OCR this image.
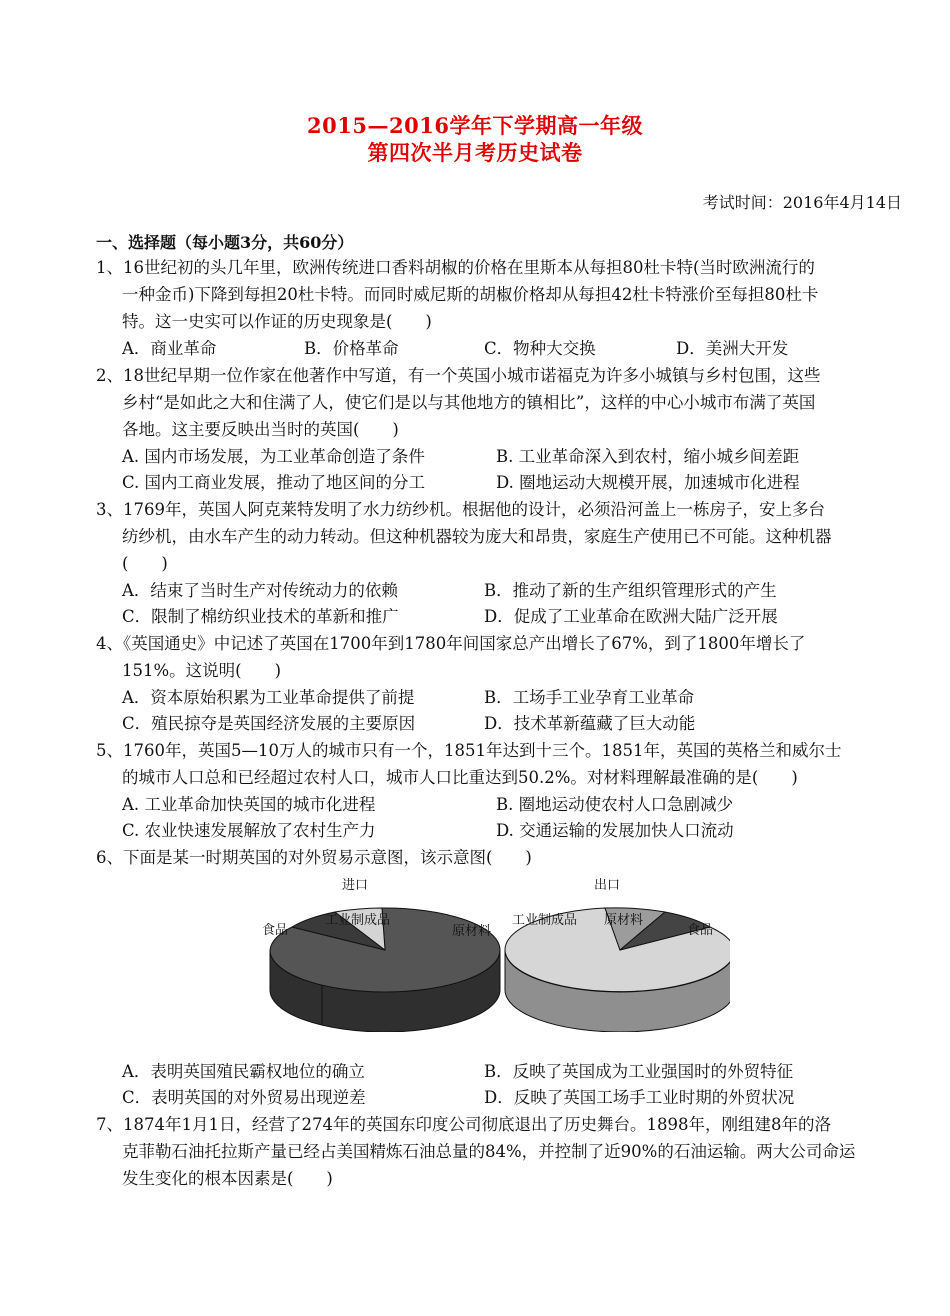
2015—2016学年下学期高一年级
第四次半月考历史试卷
考试时间：2016年4月14日
一、选择题（每小题3分，共60分）
1、16世纪初的头几年里，欧洲传统进口香料胡椒的价格在里斯本从每担80杜卡特(当时欧洲流行的
一种金币)下降到每担20杜卡特。而同时威尼斯的胡椒价格却从每担42杜卡特涨价至每担80杜卡
特。这一史实可以作证的历史现象是(　　)
A．商业革命	B．价格革命	C．物种大交换	D．美洲大开发
2、18世纪早期一位作家在他著作中写道，有一个英国小城市诺福克为许多小城镇与乡村包围，这些
乡村“是如此之大和住满了人，使它们是以与其他地方的镇相比”，这样的中心小城市布满了英国
各地。这主要反映出当时的英国(　　)
A. 国内市场发展，为工业革命创造了条件	B. 工业革命深入到农村，缩小城乡间差距
C. 国内工商业发展，推动了地区间的分工	D. 圈地运动大规模开展，加速城市化进程
3、1769年，英国人阿克莱特发明了水力纺纱机。根据他的设计，必须沿河盖上一栋房子，安上多台
纺纱机，由水车产生的动力转动。但这种机器较为庞大和昂贵，家庭生产使用已不可能。这种机器
(　　)
A．结束了当时生产对传统动力的依赖	B．推动了新的生产组织管理形式的产生
C．限制了棉纺织业技术的革新和推广	D．促成了工业革命在欧洲大陆广泛开展
4、《英国通史》中记述了英国在1700年到1780年间国家总产出增长了67%，到了1800年增长了
151%。这说明(　　)
A．资本原始积累为工业革命提供了前提	B．工场手工业孕育工业革命
C．殖民掠夺是英国经济发展的主要原因	D．技术革新蕴藏了巨大动能
5、1760年，英国5—10万人的城市只有一个，1851年达到十三个。1851年，英国的英格兰和威尔士
的城市人口总和已经超过农村人口，城市人口比重达到50.2%。对材料理解最准确的是(　　)
A. 工业革命加快英国的城市化进程	B. 圈地运动使农村人口急剧减少
C. 农业快速发展解放了农村生产力	D. 交通运输的发展加快人口流动
6、下面是某一时期英国的对外贸易示意图，该示意图(　　)
进口
食品
工业制成品
原材料
出口
工业制成品 原材料
食品
A．表明英国殖民霸权地位的确立	B．反映了英国成为工业强国时的外贸特征
C．表明英国的对外贸易出现逆差	D．反映了英国工场手工业时期的外贸状况
7、1874年1月1日，经营了274年的英国东印度公司彻底退出了历史舞台。1898年，刚组建8年的洛
克菲勒石油托拉斯产量已经占美国精炼石油总量的84%，并控制了近90%的石油运输。两大公司命运
发生变化的根本因素是(　　)
